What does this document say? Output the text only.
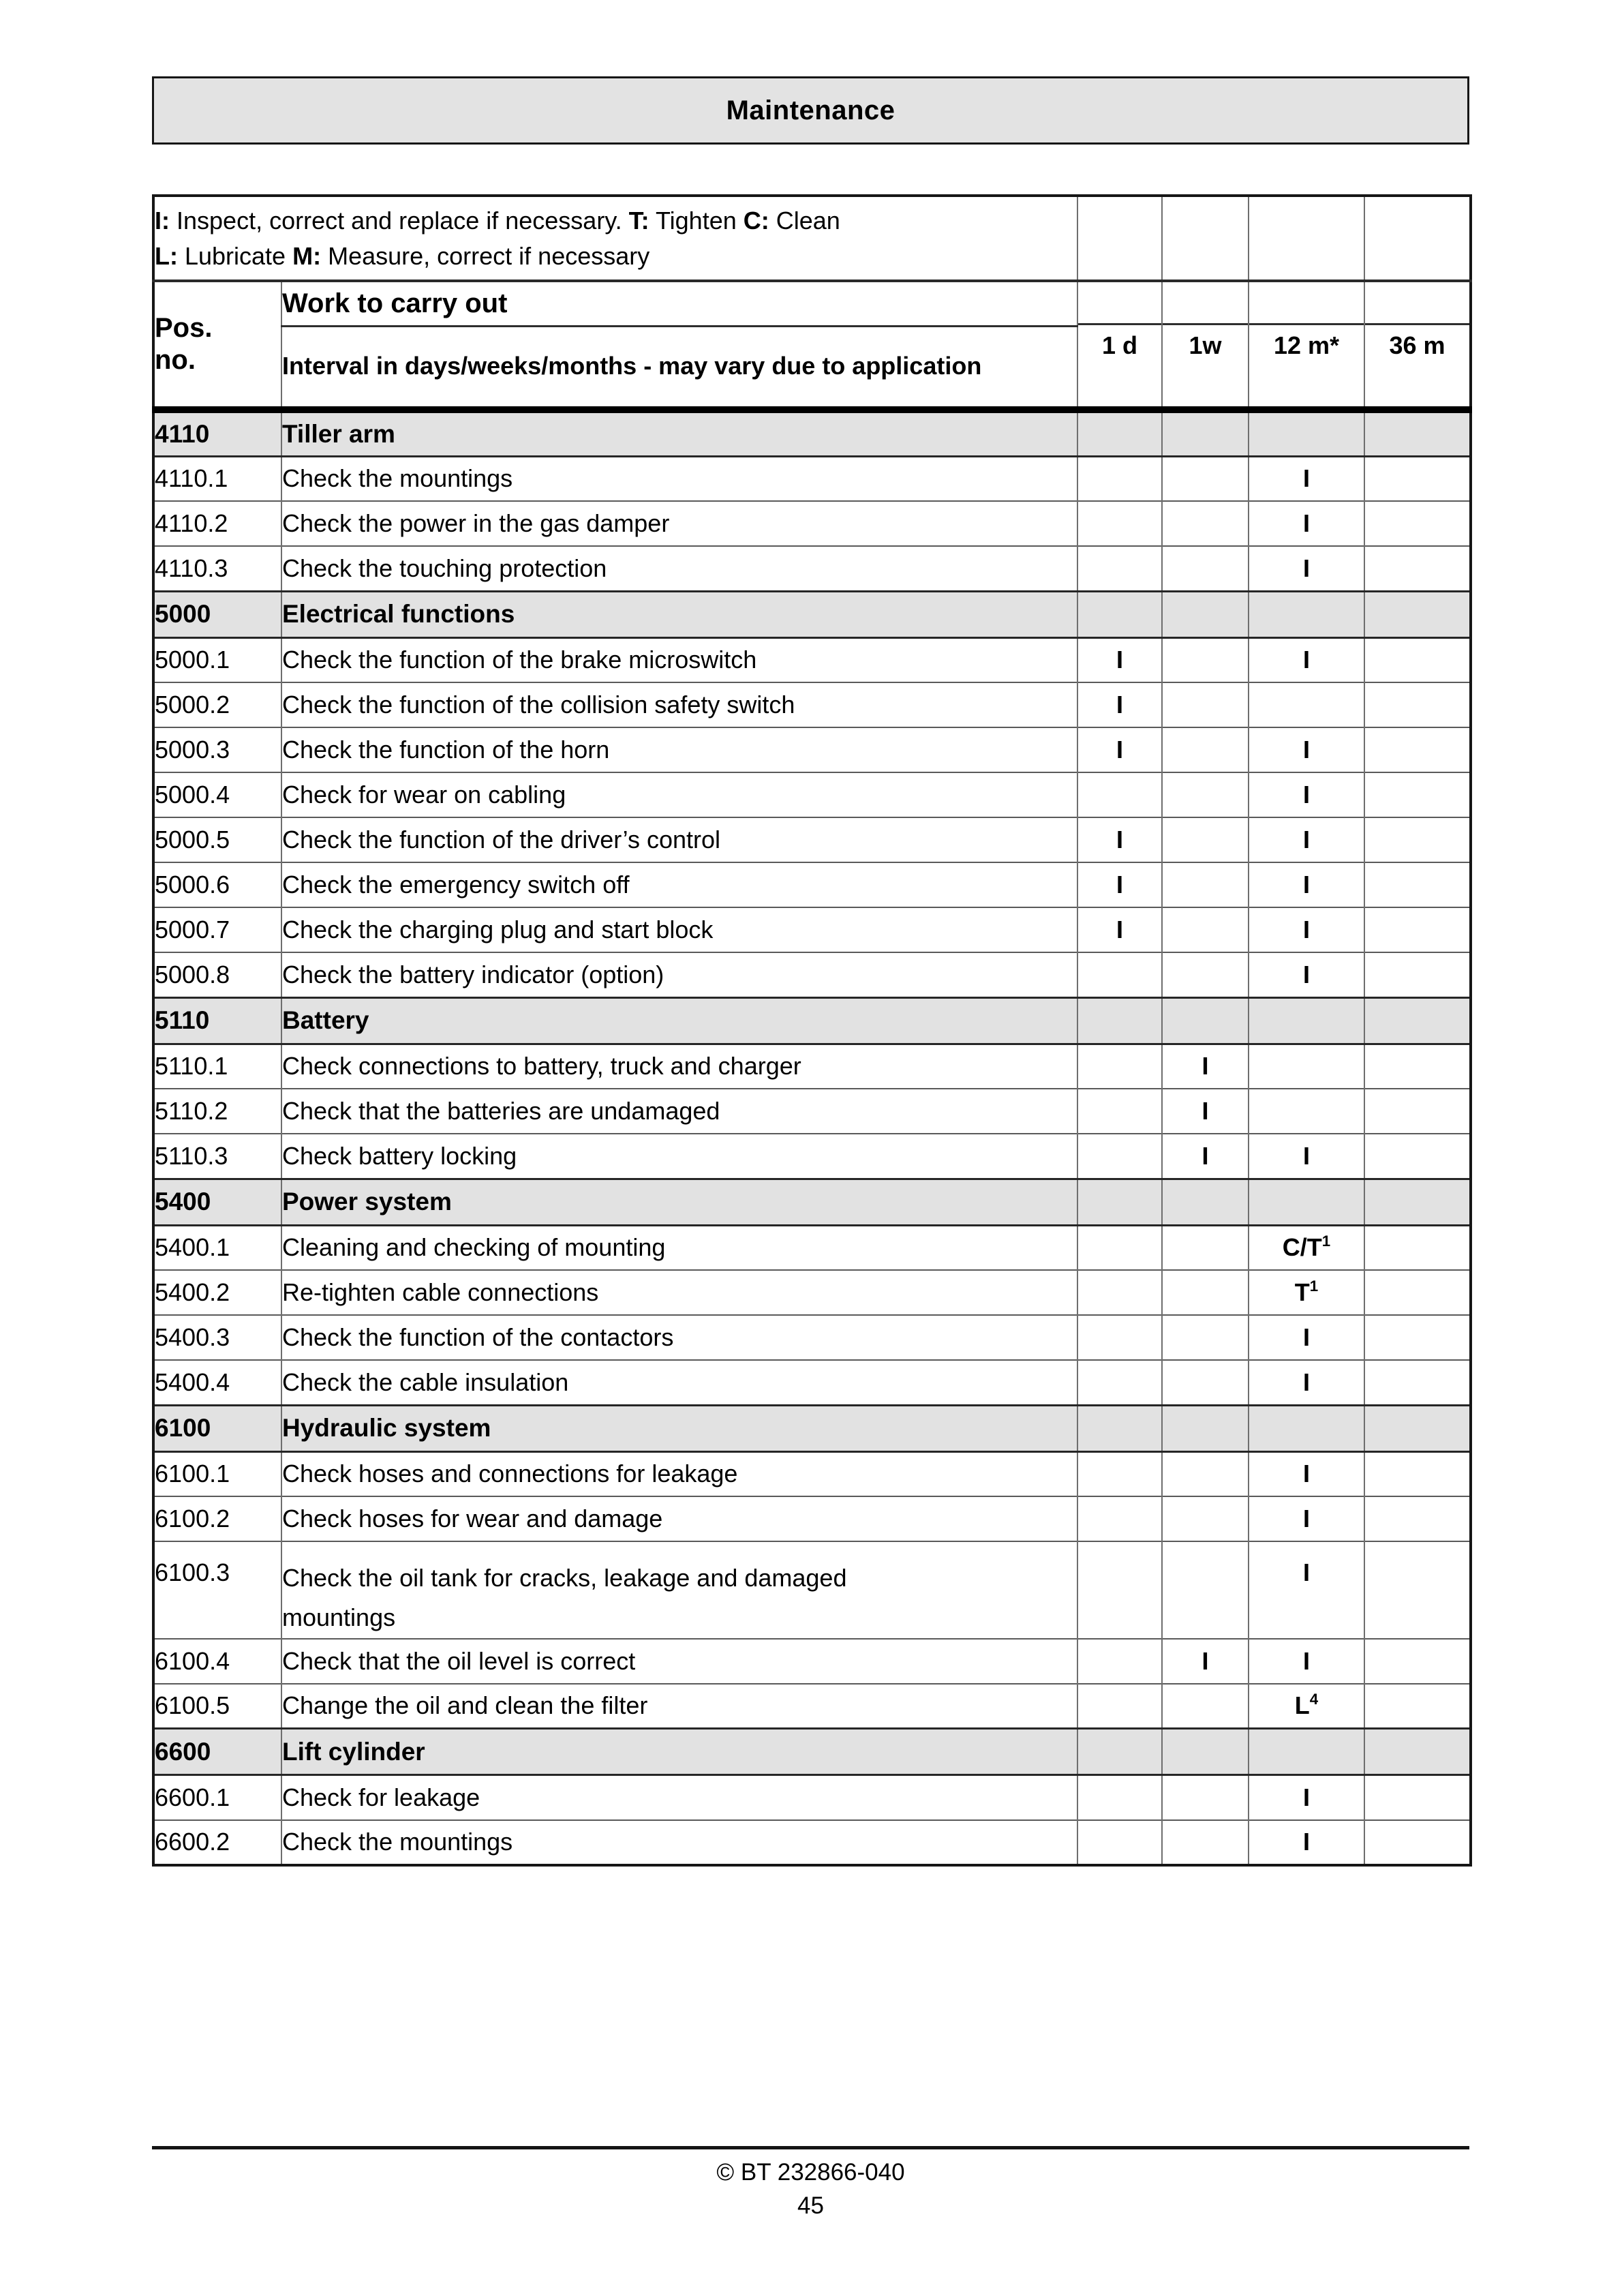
Maintenance
I: Inspect, correct and replace if necessary. T: Tighten C: Clean
L: Lubricate M: Measure, correct if necessary					

Pos.
no.	Work to carry out	1 d	1w	12 m*	36 m

	Interval in days/weeks/months - may vary due to application				

4110	Tiller arm				

4110.1	Check the mountings			I	
4110.2	Check the power in the gas damper			I	
4110.3	Check the touching protection			I	
5000	Electrical functions				

5000.1	Check the function of the brake microswitch	I		I	
5000.2	Check the function of the collision safety switch	I			
5000.3	Check the function of the horn	I		I	
5000.4	Check for wear on cabling			I	
5000.5	Check the function of the driver’s control	I		I	
5000.6	Check the emergency switch off	I		I	
5000.7	Check the charging plug and start block	I		I	
5000.8	Check the battery indicator (option)			I	
5110	Battery				

5110.1	Check connections to battery, truck and charger		I		
5110.2	Check that the batteries are undamaged		I		
5110.3	Check battery locking		I	I	
5400	Power system				

5400.1	Cleaning and checking of mounting			$C/T^1$	
5400.2	Re-tighten cable connections			$T^1$	
5400.3	Check the function of the contactors			I	
5400.4	Check the cable insulation			I	
6100	Hydraulic system				

6100.1	Check hoses and connections for leakage			I	
6100.2	Check hoses for wear and damage			I	
6100.3	Check the oil tank for cracks, leakage and damaged mountings			I	
6100.4	Check that the oil level is correct		I	I	
6100.5	Change the oil and clean the filter			$L^4$	
6600	Lift cylinder				

6600.1	Check for leakage			I	
6600.2	Check the mountings			I	
© BT 232866-040
45
